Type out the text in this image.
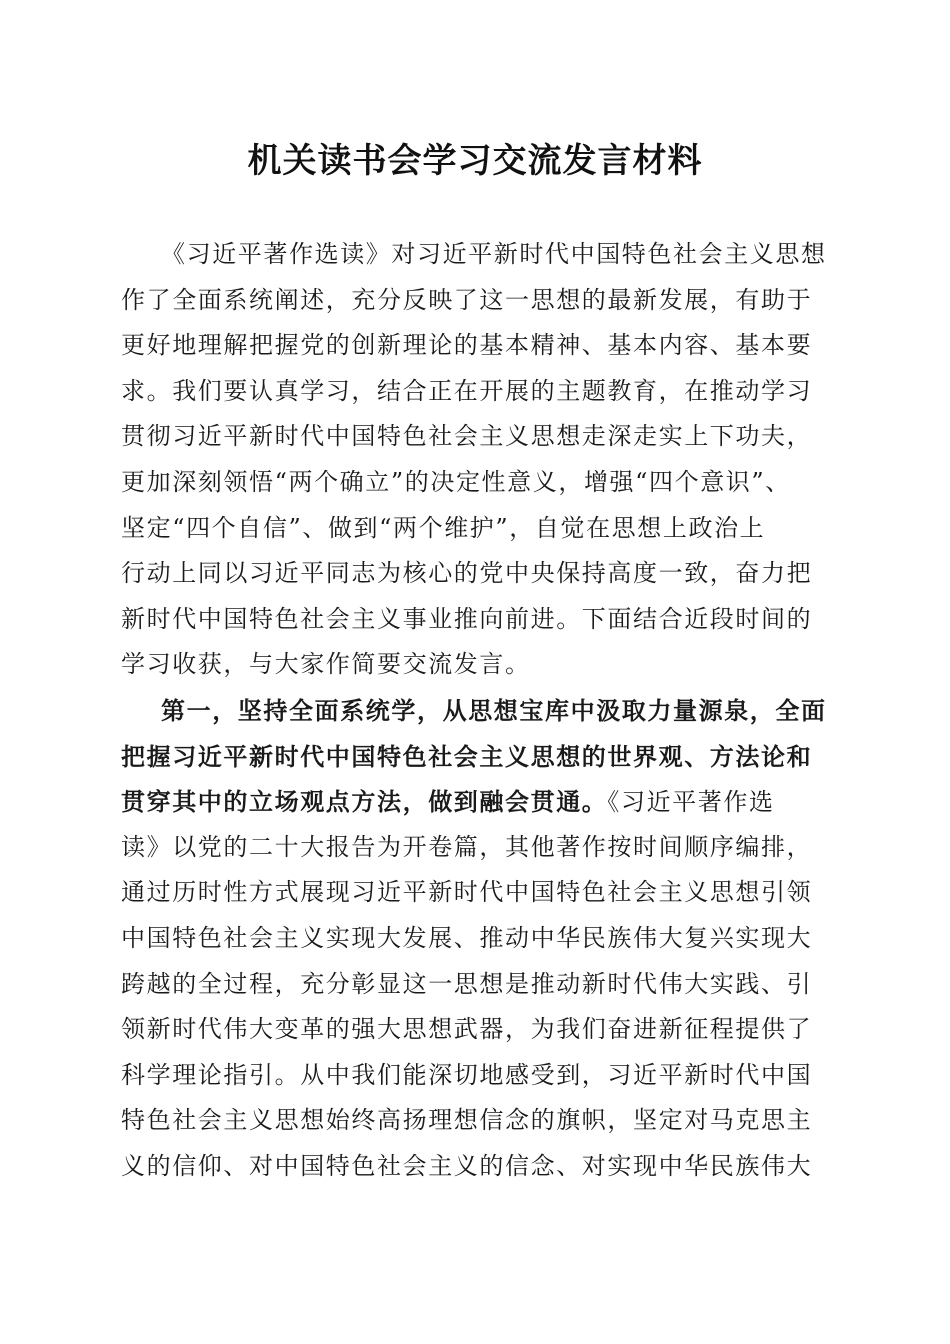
机关读书会学习交流发言材料
《习近平著作选读》对习近平新时代中国特色社会主义思想
作了全面系统阐述，充分反映了这一思想的最新发展，有助于
更好地理解把握党的创新理论的基本精神、基本内容、基本要
求。我们要认真学习，结合正在开展的主题教育，在推动学习
贯彻习近平新时代中国特色社会主义思想走深走实上下功夫，
更加深刻领悟“两个确立”的决定性意义，增强“四个意识”、
坚定“四个自信”、做到“两个维护”，自觉在思想上政治上
行动上同以习近平同志为核心的党中央保持高度一致，奋力把
新时代中国特色社会主义事业推向前进。下面结合近段时间的
学习收获，与大家作简要交流发言。
第一，坚持全面系统学，从思想宝库中汲取力量源泉，全面
把握习近平新时代中国特色社会主义思想的世界观、方法论和
贯穿其中的立场观点方法，做到融会贯通。《习近平著作选
读》以党的二十大报告为开卷篇，其他著作按时间顺序编排，
通过历时性方式展现习近平新时代中国特色社会主义思想引领
中国特色社会主义实现大发展、推动中华民族伟大复兴实现大
跨越的全过程，充分彰显这一思想是推动新时代伟大实践、引
领新时代伟大变革的强大思想武器，为我们奋进新征程提供了
科学理论指引。从中我们能深切地感受到，习近平新时代中国
特色社会主义思想始终高扬理想信念的旗帜，坚定对马克思主
义的信仰、对中国特色社会主义的信念、对实现中华民族伟大
